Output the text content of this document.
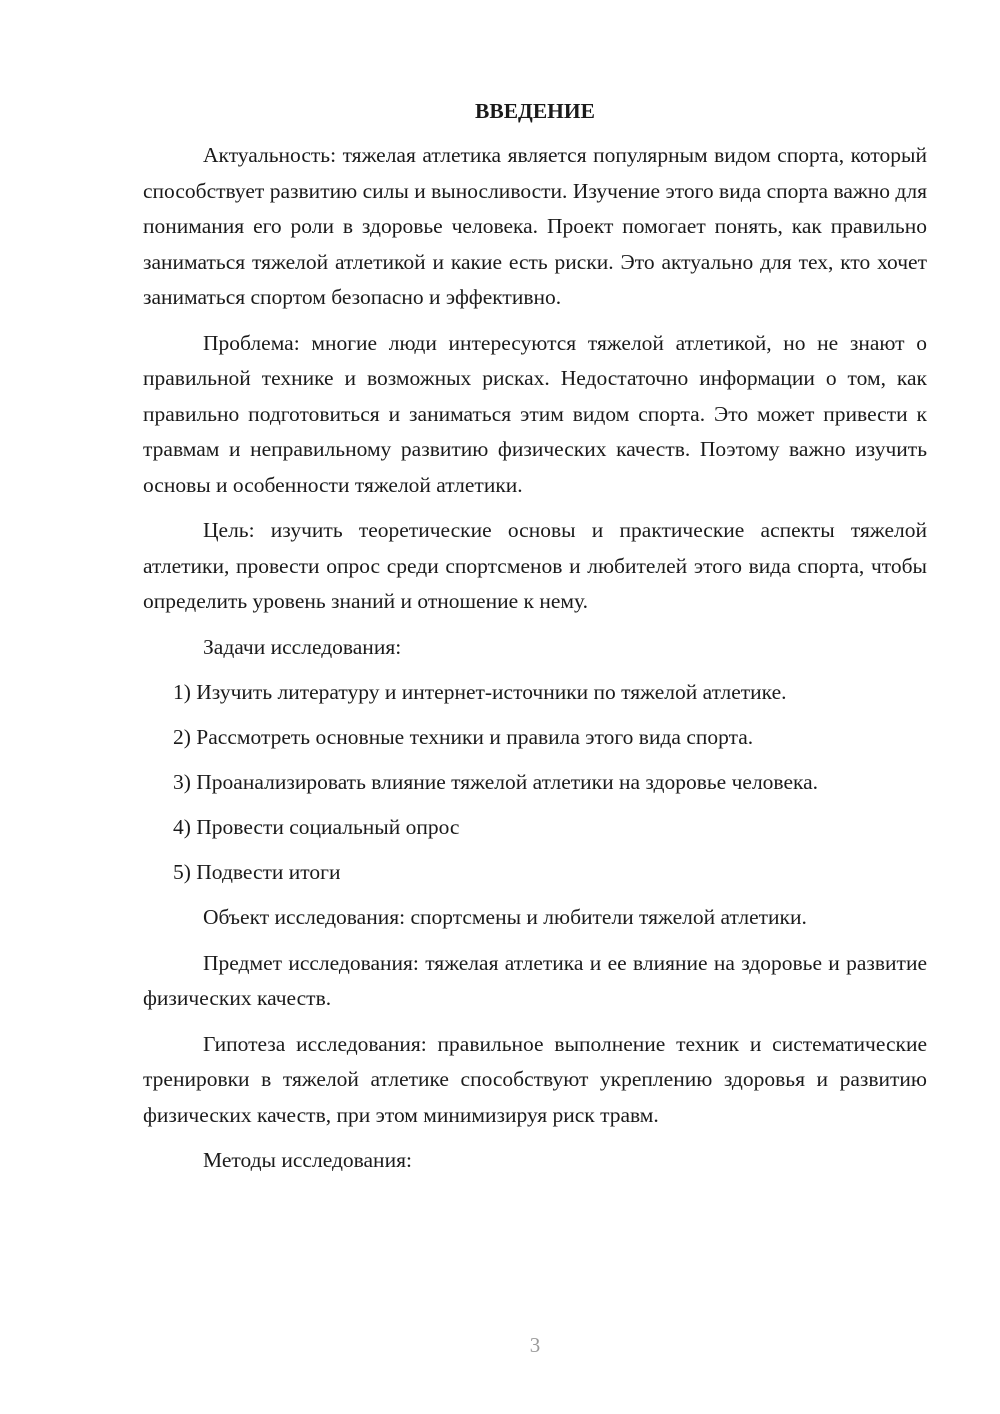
ВВЕДЕНИЕ

Актуальность: тяжелая атлетика является популярным видом спорта, который способствует развитию силы и выносливости. Изучение этого вида спорта важно для понимания его роли в здоровье человека. Проект помогает понять, как правильно заниматься тяжелой атлетикой и какие есть риски. Это актуально для тех, кто хочет заниматься спортом безопасно и эффективно.

Проблема: многие люди интересуются тяжелой атлетикой, но не знают о правильной технике и возможных рисках. Недостаточно информации о том, как правильно подготовиться и заниматься этим видом спорта. Это может привести к травмам и неправильному развитию физических качеств. Поэтому важно изучить основы и особенности тяжелой атлетики.

Цель: изучить теоретические основы и практические аспекты тяжелой атлетики, провести опрос среди спортсменов и любителей этого вида спорта, чтобы определить уровень знаний и отношение к нему.

Задачи исследования:
1) Изучить литературу и интернет-источники по тяжелой атлетике.
2) Рассмотреть основные техники и правила этого вида спорта.
3) Проанализировать влияние тяжелой атлетики на здоровье человека.
4) Провести социальный опрос
5) Подвести итоги
Объект исследования: спортсмены и любители тяжелой атлетики.

Предмет исследования: тяжелая атлетика и ее влияние на здоровье и развитие физических качеств.

Гипотеза исследования: правильное выполнение техник и систематические тренировки в тяжелой атлетике способствуют укреплению здоровья и развитию физических качеств, при этом минимизируя риск травм.

Методы исследования:
3
